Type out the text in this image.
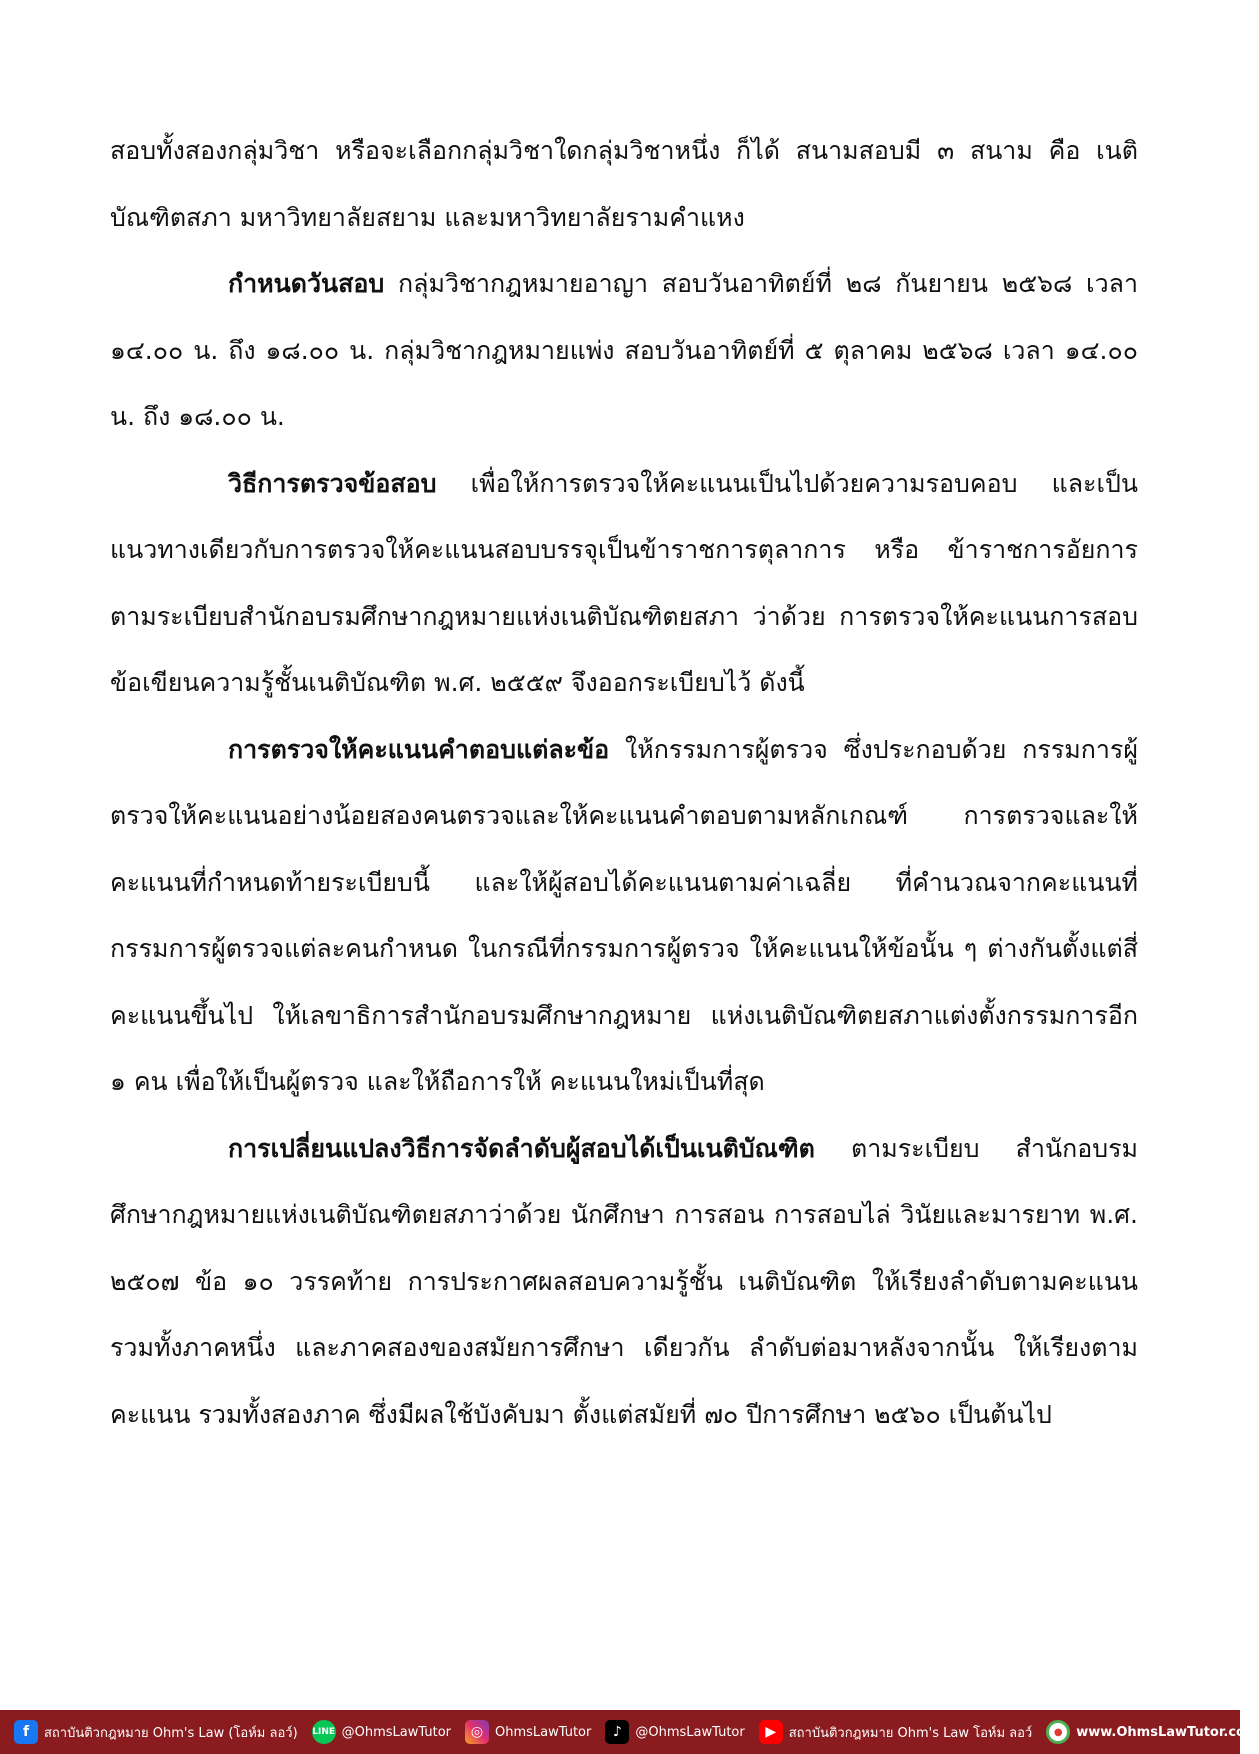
สอบทั้งสองกลุ่มวิชา หรือจะเลือกกลุ่มวิชาใดกลุ่มวิชาหนึ่ง ก็ได้ สนามสอบมี ๓ สนาม คือ เนติบัณฑิตสภา มหาวิทยาลัยสยาม และมหาวิทยาลัยรามคำแหง

กำหนดวันสอบ กลุ่มวิชากฎหมายอาญา สอบวันอาทิตย์ที่ ๒๘ กันยายน ๒๕๖๘ เวลา ๑๔.๐๐ น. ถึง ๑๘.๐๐ น. กลุ่มวิชากฎหมายแพ่ง สอบวันอาทิตย์ที่ ๕ ตุลาคม ๒๕๖๘ เวลา ๑๔.๐๐ น. ถึง ๑๘.๐๐ น.

วิธีการตรวจข้อสอบ เพื่อให้การตรวจให้คะแนนเป็นไปด้วยความรอบคอบ และเป็นแนวทางเดียวกับการตรวจให้คะแนนสอบบรรจุเป็นข้าราชการตุลาการ หรือ ข้าราชการอัยการ ตามระเบียบสำนักอบรมศึกษากฎหมายแห่งเนติบัณฑิตยสภา ว่าด้วย การตรวจให้คะแนนการสอบข้อเขียนความรู้ชั้นเนติบัณฑิต พ.ศ. ๒๕๕๙ จึงออกระเบียบไว้ ดังนี้

การตรวจให้คะแนนคำตอบแต่ละข้อ ให้กรรมการผู้ตรวจ ซึ่งประกอบด้วย กรรมการผู้ตรวจให้คะแนนอย่างน้อยสองคนตรวจและให้คะแนนคำตอบตามหลักเกณฑ์ การตรวจและให้คะแนนที่กำหนดท้ายระเบียบนี้ และให้ผู้สอบได้คะแนนตามค่าเฉลี่ย ที่คำนวณจากคะแนนที่กรรมการผู้ตรวจแต่ละคนกำหนด ในกรณีที่กรรมการผู้ตรวจ ให้คะแนนให้ข้อนั้น ๆ ต่างกันตั้งแต่สี่คะแนนขึ้นไป ให้เลขาธิการสำนักอบรมศึกษากฎหมาย แห่งเนติบัณฑิตยสภาแต่งตั้งกรรมการอีก ๑ คน เพื่อให้เป็นผู้ตรวจ และให้ถือการให้ คะแนนใหม่เป็นที่สุด

การเปลี่ยนแปลงวิธีการจัดลำดับผู้สอบได้เป็นเนติบัณฑิต ตามระเบียบ สำนักอบรมศึกษากฎหมายแห่งเนติบัณฑิตยสภาว่าด้วย นักศึกษา การสอน การสอบไล่ วินัยและมารยาท พ.ศ. ๒๕๐๗ ข้อ ๑๐ วรรคท้าย การประกาศผลสอบความรู้ชั้น เนติบัณฑิต ให้เรียงลำดับตามคะแนน รวมทั้งภาคหนึ่ง และภาคสองของสมัยการศึกษา เดียวกัน ลำดับต่อมาหลังจากนั้น ให้เรียงตามคะแนน รวมทั้งสองภาค ซึ่งมีผลใช้บังคับมา ตั้งแต่สมัยที่ ๗๐ ปีการศึกษา ๒๕๖๐ เป็นต้นไป

f	สถาบันติวกฎหมาย Ohm's Law (โอห์ม ลอว์) LINE @OhmsLawTutor	◎ OhmsLawTutor	♪	@OhmsLawTutor	▶ สถาบันติวกฎหมาย Ohm's Law โอห์ม ลอว์	●	www.OhmsLawTutor.com
